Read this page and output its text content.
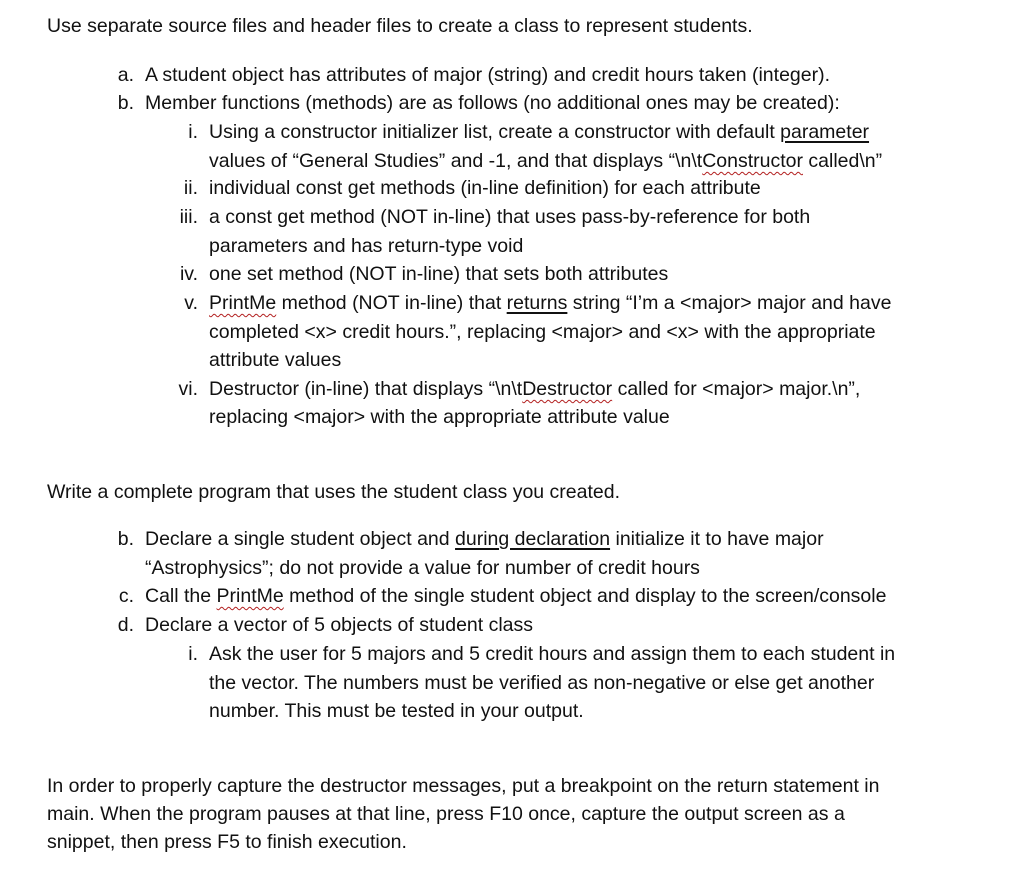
Use separate source files and header files to create a class to represent students.
a. A student object has attributes of major (string) and credit hours taken (integer).
b. Member functions (methods) are as follows (no additional ones may be created):
i. Using a constructor initializer list, create a constructor with default parameter
values of “General Studies” and -1, and that displays “\n\tConstructor called\n”
ii. individual const get methods (in-line definition) for each attribute
iii. a const get method (NOT in-line) that uses pass-by-reference for both
parameters and has return-type void
iv. one set method (NOT in-line) that sets both attributes
v. PrintMe method (NOT in-line) that returns string “I’m a <major> major and have
completed <x> credit hours.”, replacing <major> and <x> with the appropriate
attribute values
vi. Destructor (in-line) that displays “\n\tDestructor called for <major> major.\n”,
replacing <major> with the appropriate attribute value
Write a complete program that uses the student class you created.
b. Declare a single student object and during declaration initialize it to have major
“Astrophysics”; do not provide a value for number of credit hours
c. Call the PrintMe method of the single student object and display to the screen/console
d. Declare a vector of 5 objects of student class
i. Ask the user for 5 majors and 5 credit hours and assign them to each student in
the vector. The numbers must be verified as non-negative or else get another
number. This must be tested in your output.
In order to properly capture the destructor messages, put a breakpoint on the return statement in
main. When the program pauses at that line, press F10 once, capture the output screen as a
snippet, then press F5 to finish execution.
